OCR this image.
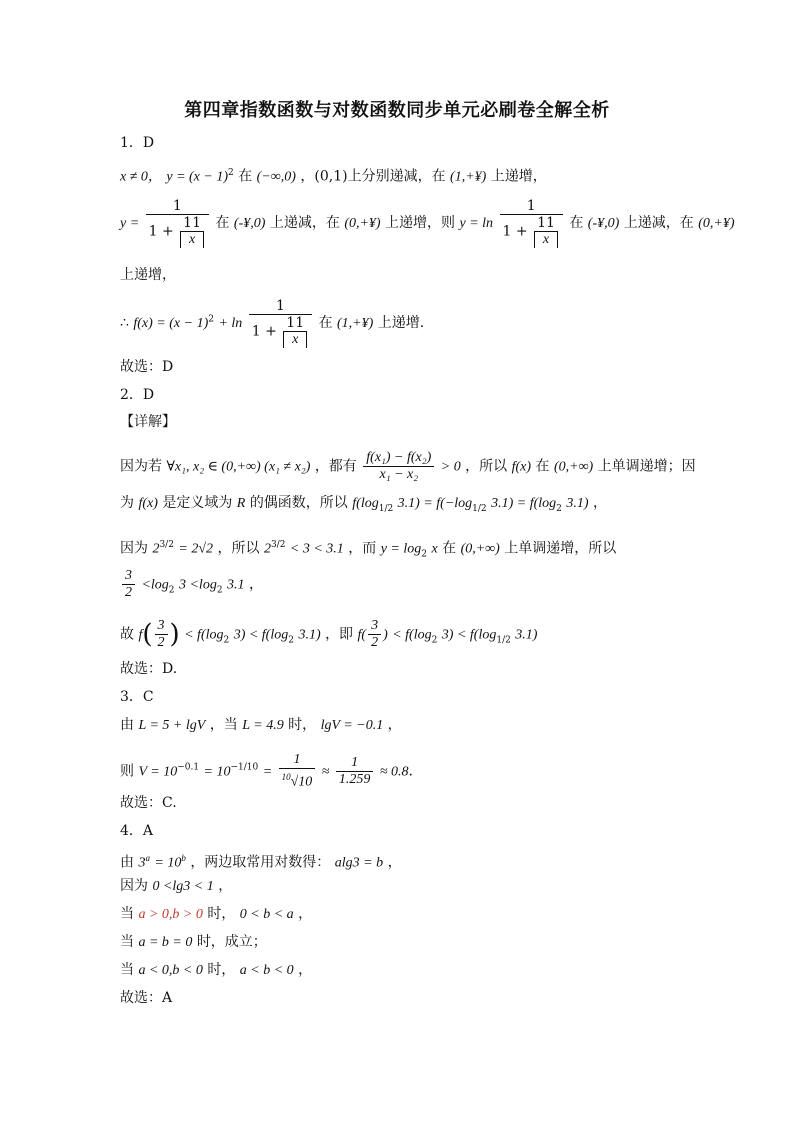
第四章指数函数与对数函数同步单元必刷卷全解全析
1．D
x ≠ 0， $y = (x - 1)^2$ 在 (−∞,0) ，(0,1)上分别递减，在 (1,+¥) 上递增，
$y = \frac{1}{1 + \frac{11}{x}}$ 在 (-¥,0) 上递减，在 (0,+¥) 上递增，则 $y = \ln \frac{1}{1 + \frac{11}{x}}$ 在 (-¥,0) 上递减，在 (0,+¥)
上递增，
∴ $f(x) = (x - 1)^2 + \ln \frac{1}{1 + \frac{11}{x}}$ 在 (1,+¥) 上递增.
故选：D
2．D
【详解】
因为若 ∀x₁, x₂ ∈ (0,+∞) (x₁ ≠ x₂) ，都有 $\frac{\text{f(x₁) − f(x₂)}}{\text{x₁ − x₂}} > 0$ ，所以 f(x) 在 (0,+∞) 上单调递增；因
为 f(x) 是定义域为 R 的偶函数，所以 $f(\log_{1/2}$ $3.1) = f(-\log_{1/2}$ $3.1) = f(\log_2$ 3.1) ，
因为 $2^{3/2} = 2√2$ ，所以 $2^{3/2} < 3 < 3.1$ ，而 $y = \log_2 x$ 在 (0,+∞) 上单调递增，所以
$\frac{3}{2} <\log_2$ $3 <\log_2$ 3.1 ，
故 $f( \frac{3}{2}$ ) < $f(\log_2$ $3) < f(\log_2$ 3.1) ，即 $f( \frac{3}{2}$ ) < $f(\log_2$ $3) < f(\log_{1/2}$ 3.1)
故选：D.
3．C
由 L = 5 + lgV ，当 L = 4.9 时， lgV = −0.1 ，
则 $V = 10^{-0.1} = 10^{-1/10} = \frac{1}{^{10}√10} \approx \frac{1}{1.259} \approx 0.8$.
故选：C.
4．A
由 $3^a = 10^b$ ，两边取常用对数得： alg3 = b ，
因为 0 <lg3 < 1 ，
当 a > 0,b > 0 时， 0 < b < a ，
当 a = b = 0 时，成立；
当 a < 0,b < 0 时， a < b < 0 ，
故选：A
